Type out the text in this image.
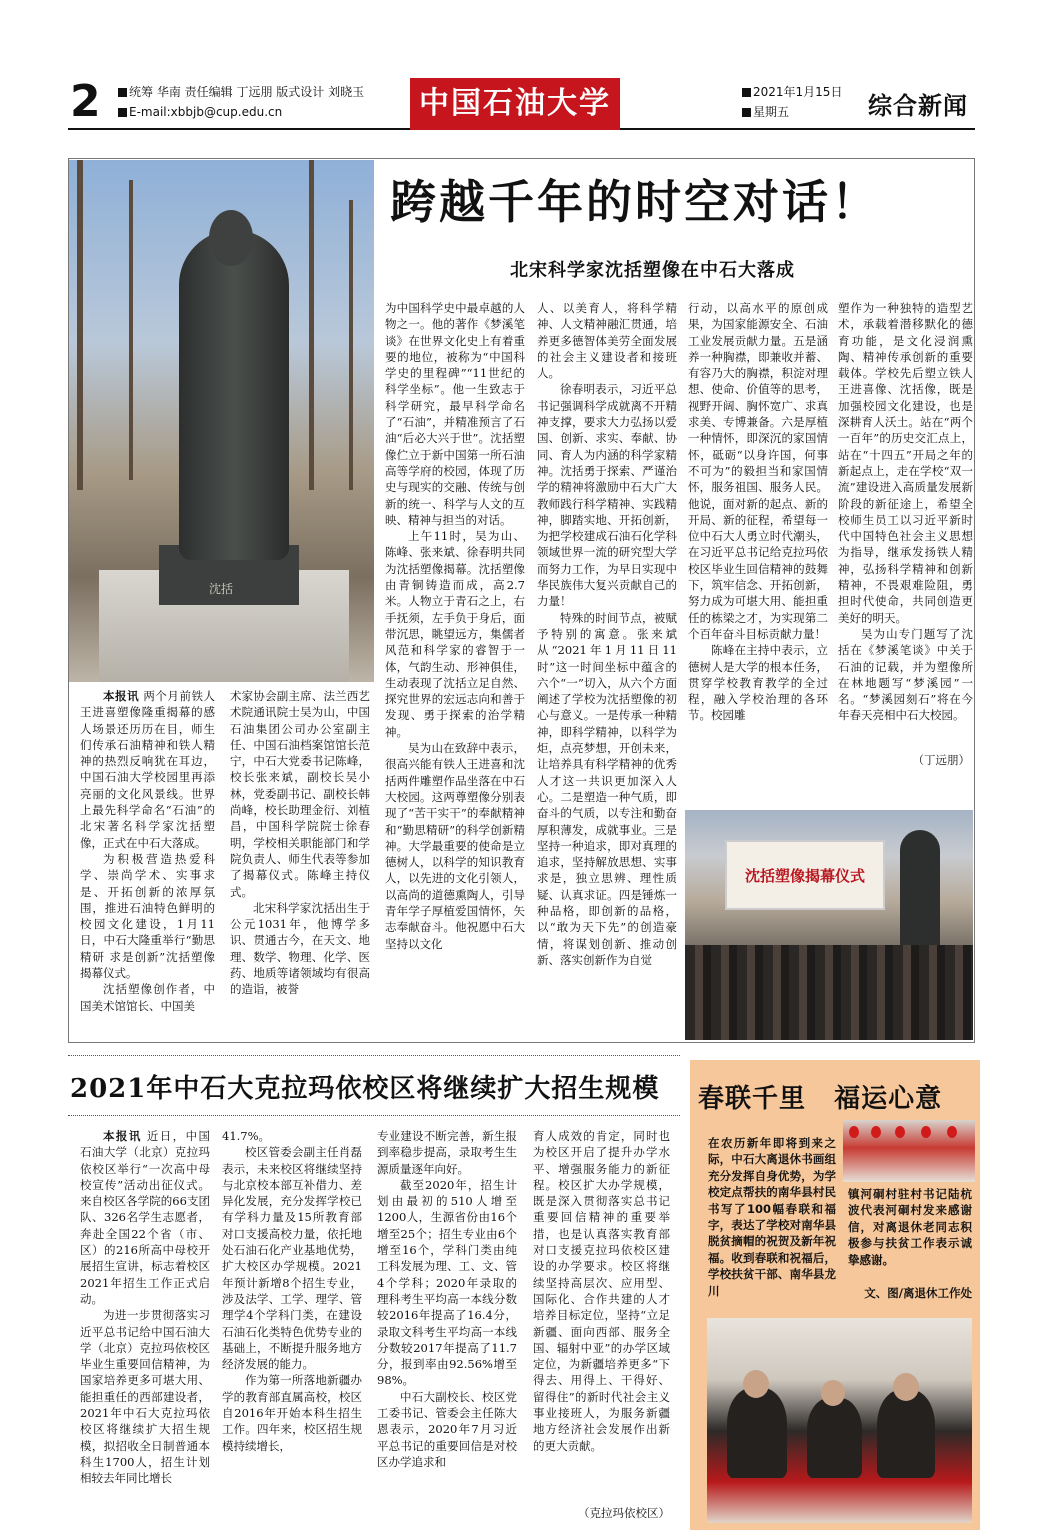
2	统筹 华南 责任编辑 丁远朋 版式设计 刘晓玉
E-mail:xbbjb@cup.edu.cn	中国石油大学	2021年1月15日
星期五	综合新闻
沈括
跨越千年的时空对话！
北宋科学家沈括塑像在中石大落成

本报讯 两个月前铁人王进喜塑像隆重揭幕的感人场景还历历在目，师生们传承石油精神和铁人精神的热烈反响犹在耳边，中国石油大学校园里再添亮丽的文化风景线。世界上最先科学命名“石油”的北宋著名科学家沈括塑像，正式在中石大落成。

为积极营造热爱科学、崇尚学术、实事求是、开拓创新的浓厚氛围，推进石油特色鲜明的校园文化建设，1月11日，中石大隆重举行“勤思精研 求是创新”沈括塑像揭幕仪式。

沈括塑像创作者，中国美术馆馆长、中国美

术家协会副主席、法兰西艺术院通讯院士吴为山，中国石油集团公司办公室副主任、中国石油档案馆馆长范宁，中石大党委书记陈峰，校长张来斌，副校长吴小林，党委副书记、副校长韩尚峰，校长助理金衍、刘植昌，中国科学院院士徐春明，学校相关职能部门和学院负责人、师生代表等参加了揭幕仪式。陈峰主持仪式。

北宋科学家沈括出生于公元1031年，他博学多识、贯通古今，在天文、地理、数学、物理、化学、医药、地质等诸领域均有很高的造诣，被誉

为中国科学史中最卓越的人物之一。他的著作《梦溪笔谈》在世界文化史上有着重要的地位，被称为“中国科学史的里程碑”“11世纪的科学坐标”。他一生致志于科学研究，最早科学命名了“石油”，并精准预言了石油“后必大兴于世”。沈括塑像伫立于新中国第一所石油高等学府的校园，体现了历史与现实的交融、传统与创新的统一、科学与人文的互映、精神与担当的对话。

上午11时，吴为山、陈峰、张来斌、徐春明共同为沈括塑像揭幕。沈括塑像由青铜铸造而成，高2.7米。人物立于青石之上，右手抚须，左手负于身后，面带沉思，眺望远方，集儒者风范和科学家的睿智于一体，气韵生动、形神俱佳，生动表现了沈括立足自然、探究世界的宏远志向和善于发现、勇于探索的治学精神。

吴为山在致辞中表示，很高兴能有铁人王进喜和沈括两件雕塑作品坐落在中石大校园。这两尊塑像分别表现了“苦干实干”的奉献精神和“勤思精研”的科学创新精神。大学最重要的使命是立德树人，以科学的知识教育人，以先进的文化引领人，以高尚的道德熏陶人，引导青年学子厚植爱国情怀，矢志奉献奋斗。他祝愿中石大坚持以文化

人、以美育人，将科学精神、人文精神融汇贯通，培养更多德智体美劳全面发展的社会主义建设者和接班人。

徐春明表示，习近平总书记强调科学成就离不开精神支撑，要求大力弘扬以爱国、创新、求实、奉献、协同、育人为内涵的科学家精神。沈括勇于探索、严谨治学的精神将激励中石大广大教师践行科学精神、实践精神，脚踏实地、开拓创新，为把学校建成石油石化学科领域世界一流的研究型大学而努力工作，为早日实现中华民族伟大复兴贡献自己的力量！

特殊的时间节点，被赋予特别的寓意。张来斌从“2021年1月11日11时”这一时间坐标中蕴含的六个“一”切入，从六个方面阐述了学校为沈括塑像的初心与意义。一是传承一种精神，即科学精神，以科学为炬，点亮梦想，开创未来，让培养具有科学精神的优秀人才这一共识更加深入人心。二是塑造一种气质，即奋斗的气质，以专注和勤奋厚积薄发，成就事业。三是坚持一种追求，即对真理的追求，坚持解放思想、实事求是，独立思辨、理性质疑、认真求证。四是锤炼一种品格，即创新的品格，以“敢为天下先”的创造豪情，将谋划创新、推动创新、落实创新作为自觉

行动，以高水平的原创成果，为国家能源安全、石油工业发展贡献力量。五是涵养一种胸襟，即兼收并蓄、有容乃大的胸襟，积淀对理想、使命、价值等的思考，视野开阔、胸怀宽广、求真求美、专博兼备。六是厚植一种情怀，即深沉的家国情怀，砥砺“以身许国，何事不可为”的毅担当和家国情怀，服务祖国、服务人民。他说，面对新的起点、新的开局、新的征程，希望每一位中石大人勇立时代潮头，在习近平总书记给克拉玛依校区毕业生回信精神的鼓舞下，筑牢信念、开拓创新，努力成为可堪大用、能担重任的栋梁之才，为实现第二个百年奋斗目标贡献力量！

陈峰在主持中表示，立德树人是大学的根本任务，贯穿学校教育教学的全过程，融入学校治理的各环节。校园雕

塑作为一种独特的造型艺术，承载着潜移默化的德育功能，是文化浸润熏陶、精神传承创新的重要载体。学校先后塑立铁人王进喜像、沈括像，既是加强校园文化建设，也是深耕育人沃土。站在“两个一百年”的历史交汇点上，站在“十四五”开局之年的新起点上，走在学校“双一流”建设进入高质量发展新阶段的新征途上，希望全校师生员工以习近平新时代中国特色社会主义思想为指导，继承发扬铁人精神，弘扬科学精神和创新精神，不畏艰难险阻，勇担时代使命，共同创造更美好的明天。

吴为山专门题写了沈括在《梦溪笔谈》中关于石油的记载，并为塑像所在林地题写“梦溪园”一名。“梦溪园刻石”将在今年春天亮相中石大校园。

（丁远朋）
沈括塑像揭幕仪式
2021年中石大克拉玛依校区将继续扩大招生规模

本报讯 近日，中国石油大学（北京）克拉玛依校区举行“一次高中母校宣传”活动出征仪式。来自校区各学院的66支团队、326名学生志愿者，奔赴全国22个省（市、区）的216所高中母校开展招生宣讲，标志着校区2021年招生工作正式启动。

为进一步贯彻落实习近平总书记给中国石油大学（北京）克拉玛依校区毕业生重要回信精神，为国家培养更多可堪大用、能担重任的西部建设者，2021年中石大克拉玛依校区将继续扩大招生规模，拟招收全日制普通本科生1700人，招生计划相较去年同比增长

41.7%。

校区管委会副主任肖磊表示，未来校区将继续坚持与北京校本部互补借力、差异化发展，充分发挥学校已有学科力量及15所教育部对口支援高校力量，依托地处石油石化产业基地优势，扩大校区办学规模。2021年预计新增8个招生专业，涉及法学、工学、理学、管理学4个学科门类，在建设石油石化类特色优势专业的基础上，不断提升服务地方经济发展的能力。

作为第一所落地新疆办学的教育部直属高校，校区自2016年开始本科生招生工作。四年来，校区招生规模持续增长，

专业建设不断完善，新生报到率稳步提高，录取考生生源质量逐年向好。

截至2020年，招生计划由最初的510人增至1200人，生源省份由16个增至25个；招生专业由6个增至16个，学科门类由纯工科发展为理、工、文、管4个学科；2020年录取的理科考生平均高一本线分数较2016年提高了16.4分，录取文科考生平均高一本线分数较2017年提高了11.7分，报到率由92.56%增至98%。

中石大副校长、校区党工委书记、管委会主任陈大恩表示，2020年7月习近平总书记的重要回信是对校区办学追求和

育人成效的肯定，同时也为校区开启了提升办学水平、增强服务能力的新征程。校区扩大办学规模，既是深入贯彻落实总书记重要回信精神的重要举措，也是认真落实教育部对口支援克拉玛依校区建设的办学要求。校区将继续坚持高层次、应用型、国际化、合作共建的人才培养目标定位，坚持“立足新疆、面向西部、服务全国、辐射中亚”的办学区域定位，为新疆培养更多“下得去、用得上、干得好、留得住”的新时代社会主义事业接班人，为服务新疆地方经济社会发展作出新的更大贡献。

（克拉玛依校区）
春联千里 福运心意
在农历新年即将到来之际，中石大离退休书画组充分发挥自身优势，为学校定点帮扶的南华县村民书写了100幅春联和福字，表达了学校对南华县脱贫摘帽的祝贺及新年祝福。收到春联和祝福后，学校扶贫干部、南华县龙川
镇河硐村驻村书记陆杭波代表河硐村发来感谢信，对离退休老同志积极参与扶贫工作表示诚挚感谢。
文、图/离退休工作处
